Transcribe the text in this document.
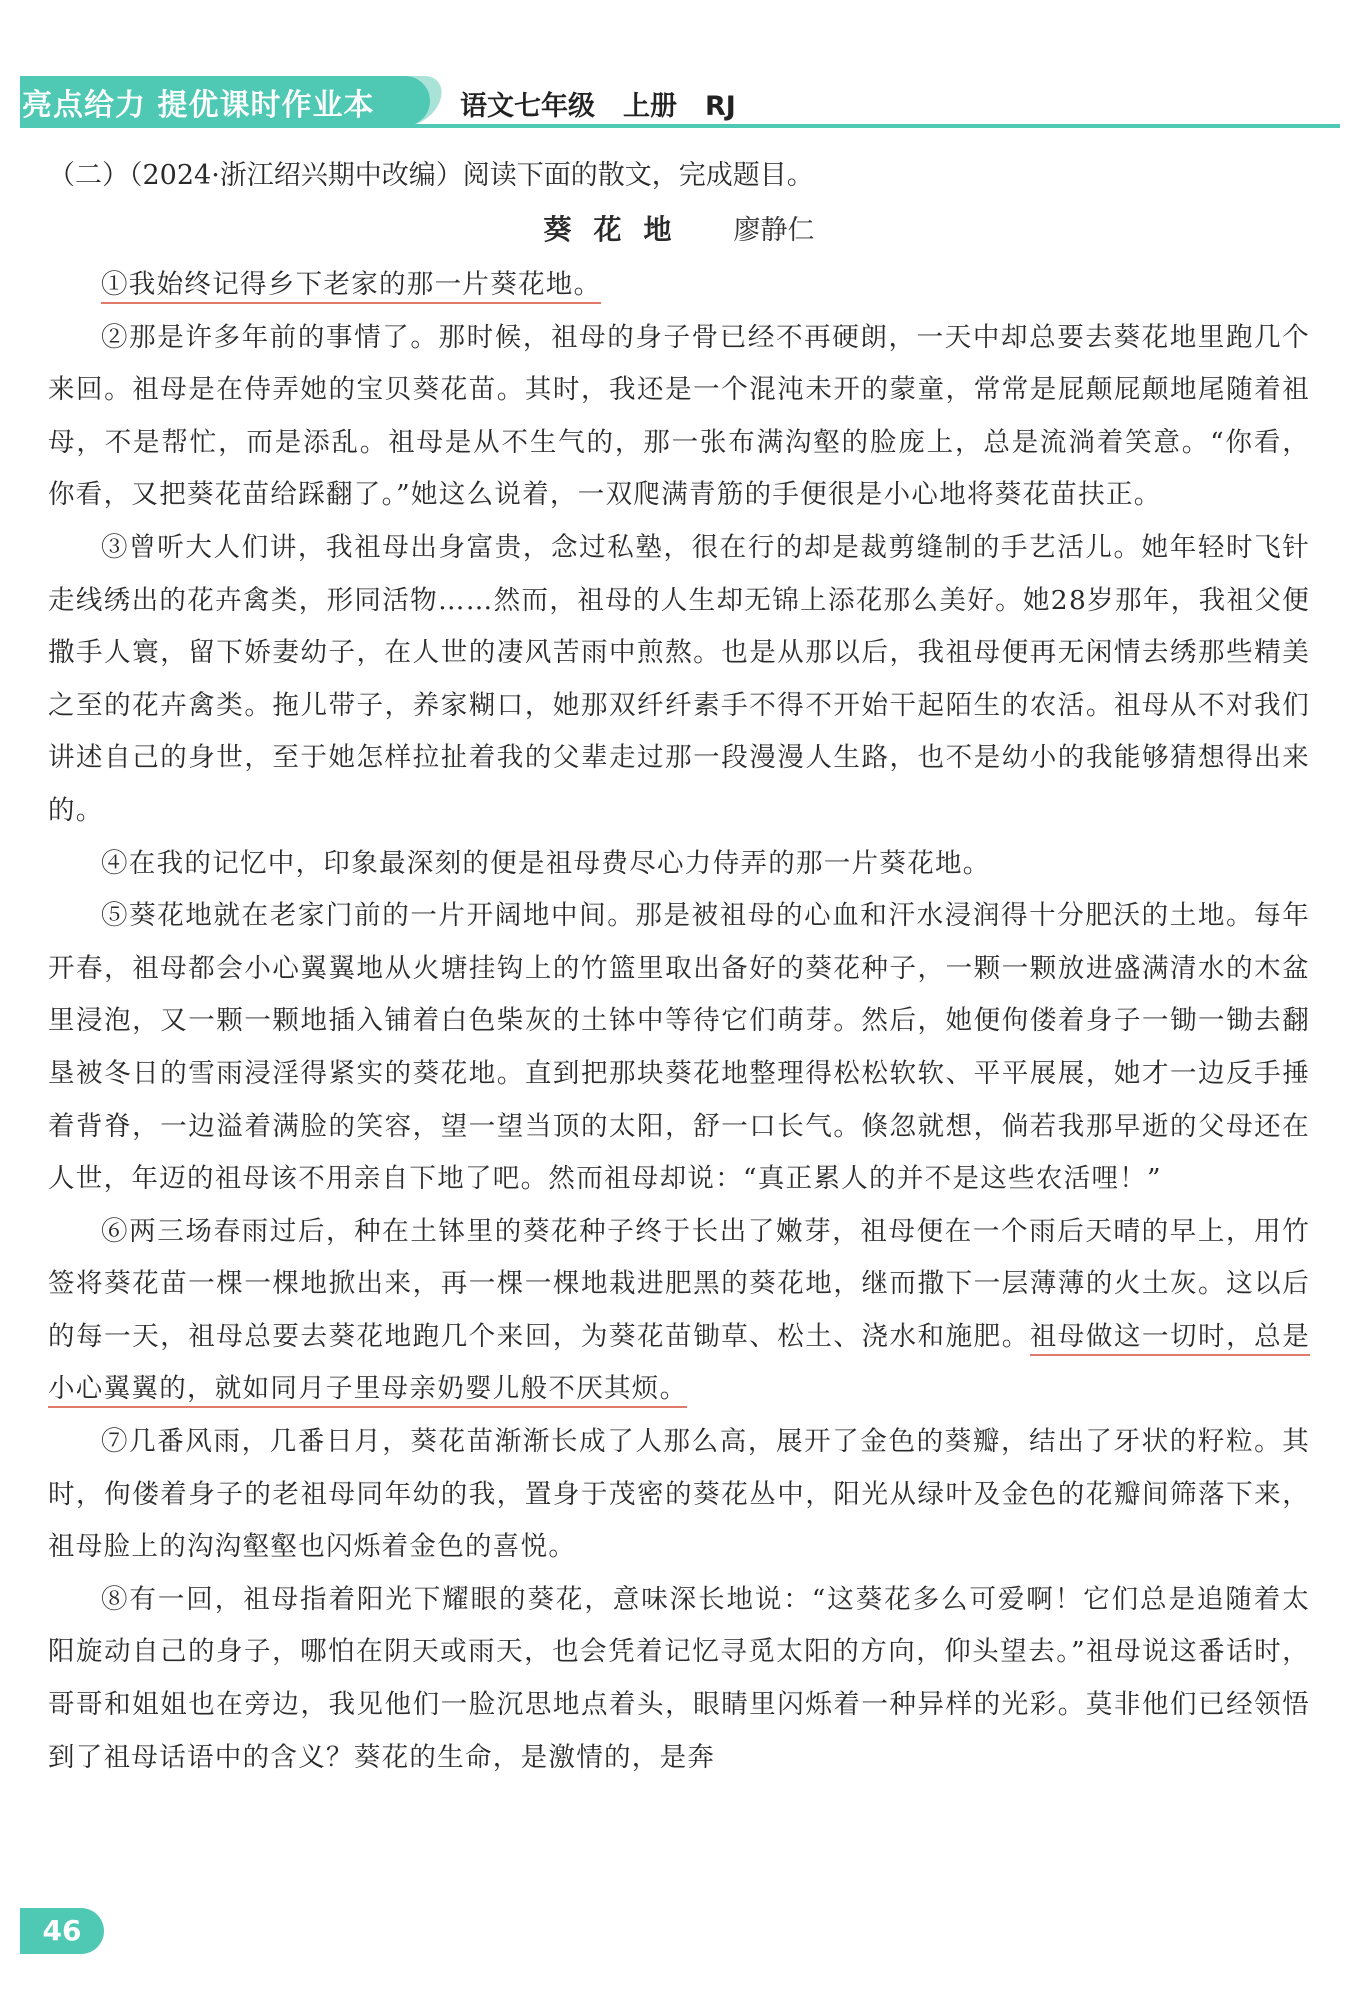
亮点给力 提优课时作业本	语文七年级 上册 RJ
（二）（2024·浙江绍兴期中改编）阅读下面的散文，完成题目。
葵花地 廖静仁

①我始终记得乡下老家的那一片葵花地。

②那是许多年前的事情了。那时候，祖母的身子骨已经不再硬朗，一天中却总要去葵花地里跑几个来回。祖母是在侍弄她的宝贝葵花苗。其时，我还是一个混沌未开的蒙童，常常是屁颠屁颠地尾随着祖母，不是帮忙，而是添乱。祖母是从不生气的，那一张布满沟壑的脸庞上，总是流淌着笑意。“你看，你看，又把葵花苗给踩翻了。”她这么说着，一双爬满青筋的手便很是小心地将葵花苗扶正。

③曾听大人们讲，我祖母出身富贵，念过私塾，很在行的却是裁剪缝制的手艺活儿。她年轻时飞针走线绣出的花卉禽类，形同活物……然而，祖母的人生却无锦上添花那么美好。她28岁那年，我祖父便撒手人寰，留下娇妻幼子，在人世的凄风苦雨中煎熬。也是从那以后，我祖母便再无闲情去绣那些精美之至的花卉禽类。拖儿带子，养家糊口，她那双纤纤素手不得不开始干起陌生的农活。祖母从不对我们讲述自己的身世，至于她怎样拉扯着我的父辈走过那一段漫漫人生路，也不是幼小的我能够猜想得出来的。

④在我的记忆中，印象最深刻的便是祖母费尽心力侍弄的那一片葵花地。

⑤葵花地就在老家门前的一片开阔地中间。那是被祖母的心血和汗水浸润得十分肥沃的土地。每年开春，祖母都会小心翼翼地从火塘挂钩上的竹篮里取出备好的葵花种子，一颗一颗放进盛满清水的木盆里浸泡，又一颗一颗地插入铺着白色柴灰的土钵中等待它们萌芽。然后，她便佝偻着身子一锄一锄去翻垦被冬日的雪雨浸淫得紧实的葵花地。直到把那块葵花地整理得松松软软、平平展展，她才一边反手捶着背脊，一边溢着满脸的笑容，望一望当顶的太阳，舒一口长气。倏忽就想，倘若我那早逝的父母还在人世，年迈的祖母该不用亲自下地了吧。然而祖母却说：“真正累人的并不是这些农活哩！”

⑥两三场春雨过后，种在土钵里的葵花种子终于长出了嫩芽，祖母便在一个雨后天晴的早上，用竹签将葵花苗一棵一棵地掀出来，再一棵一棵地栽进肥黑的葵花地，继而撒下一层薄薄的火土灰。这以后的每一天，祖母总要去葵花地跑几个来回，为葵花苗锄草、松土、浇水和施肥。祖母做这一切时，总是小心翼翼的，就如同月子里母亲奶婴儿般不厌其烦。

⑦几番风雨，几番日月，葵花苗渐渐长成了人那么高，展开了金色的葵瓣，结出了牙状的籽粒。其时，佝偻着身子的老祖母同年幼的我，置身于茂密的葵花丛中，阳光从绿叶及金色的花瓣间筛落下来，祖母脸上的沟沟壑壑也闪烁着金色的喜悦。

⑧有一回，祖母指着阳光下耀眼的葵花，意味深长地说：“这葵花多么可爱啊！它们总是追随着太阳旋动自己的身子，哪怕在阴天或雨天，也会凭着记忆寻觅太阳的方向，仰头望去。”祖母说这番话时，哥哥和姐姐也在旁边，我见他们一脸沉思地点着头，眼睛里闪烁着一种异样的光彩。莫非他们已经领悟到了祖母话语中的含义？葵花的生命，是激情的，是奔

46
